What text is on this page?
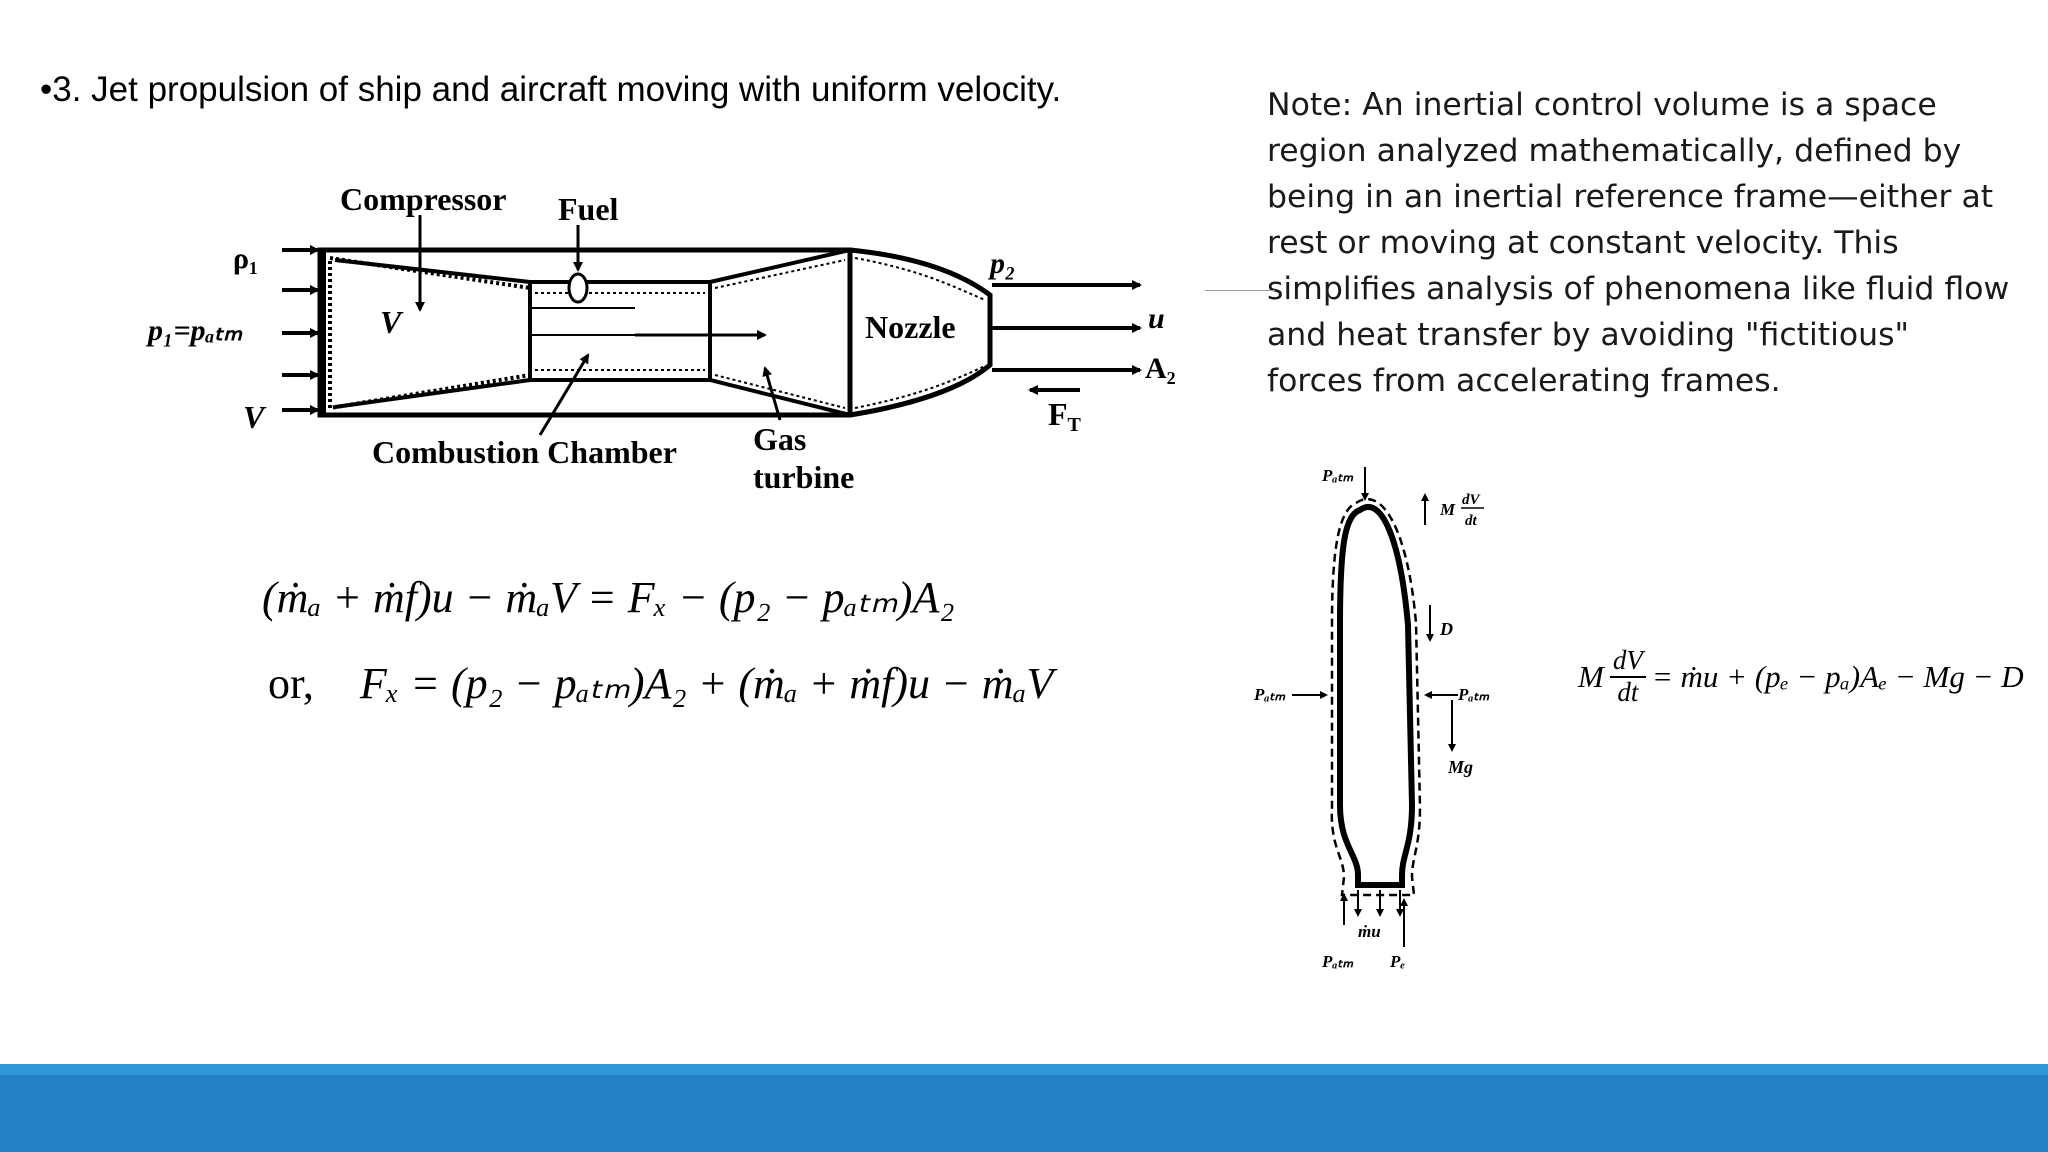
•3. Jet propulsion of ship and aircraft moving with uniform velocity.	Note: An inertial control volume is a space region analyzed mathematically, defined by being in an inertial reference frame—either at rest or moving at constant velocity. This simplifies analysis of phenomena like fluid flow and heat transfer by avoiding "fictitious" forces from accelerating frames.

Compressor Fuel
ρ₁
p₁=pₐₜₘ
V
V
Combustion Chamber Gas
turbine
Nozzle
p₂
u
A₂
FT
(ṁₐ + ṁf)u − ṁₐV = Fₓ − (p₂ − pₐₜₘ)A₂
or, Fₓ = (p₂ − pₐₜₘ)A₂ + (ṁₐ + ṁf)u − ṁₐV	M $\frac{dV}{dt}$ = ṁu + (pₑ − pₐ)Aₑ − Mg − D
Pₐₜₘ
M dV
dt
D
Pₐₜₘ	Pₐₜₘ
Mg
ṁu
Pₐₜₘ Pₑ
